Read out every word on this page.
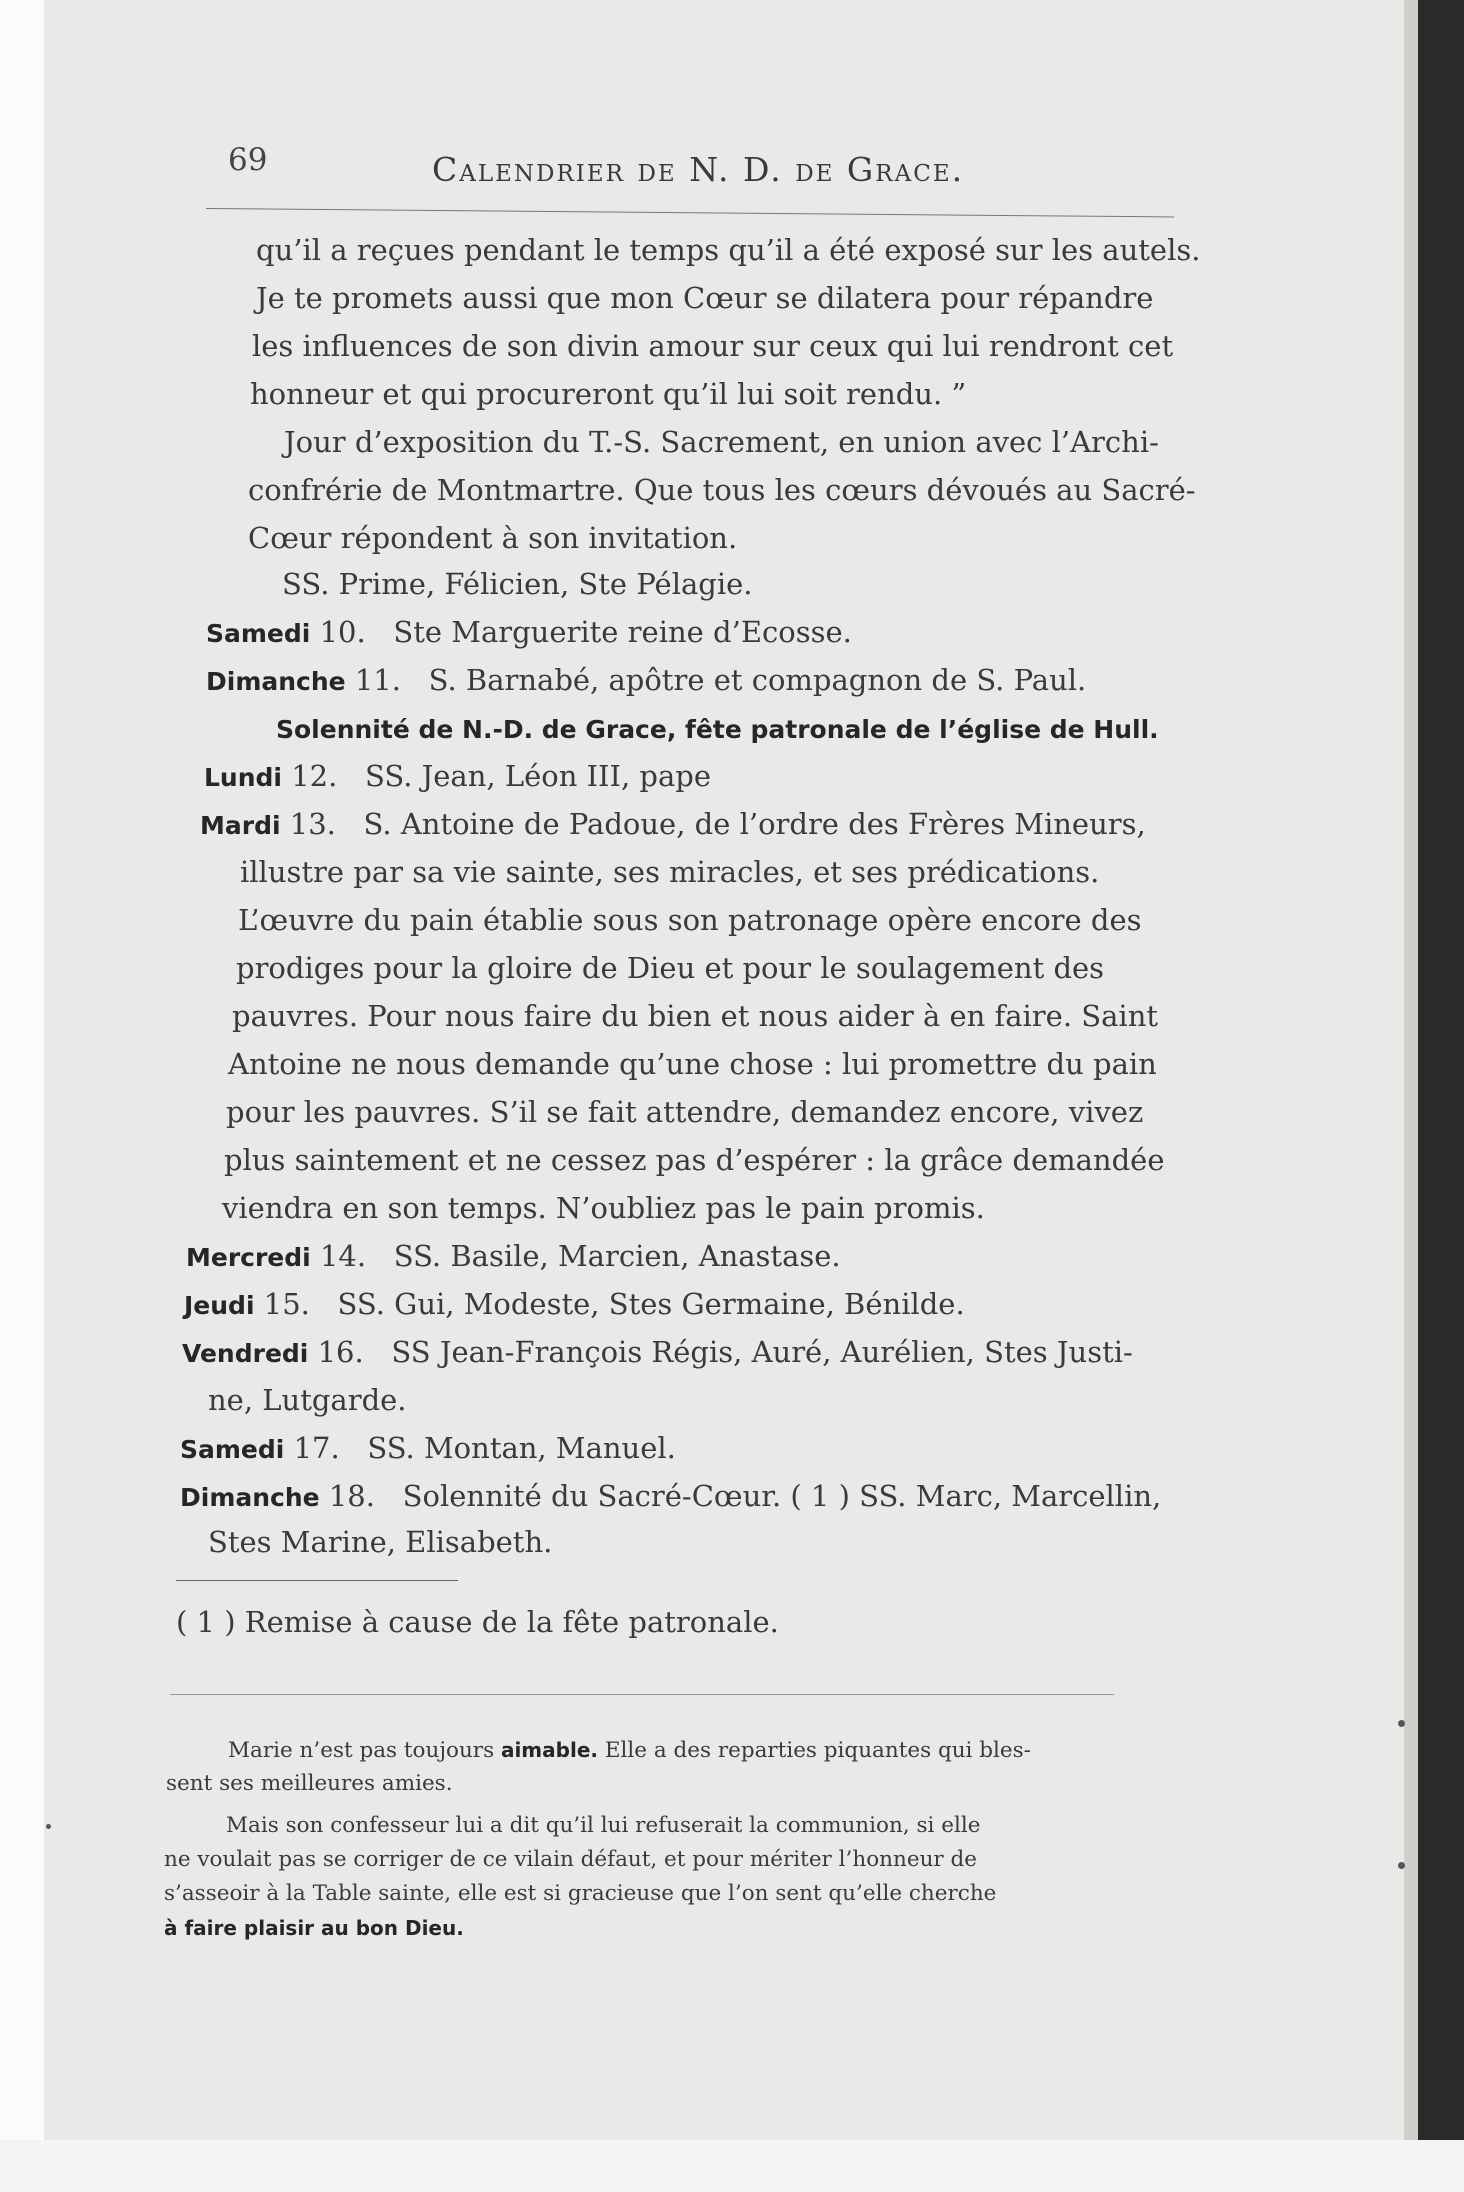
69	Calendrier de N. D. de Grace.
qu’il a reçues pendant le temps qu’il a été exposé sur les autels.
Je te promets aussi que mon Cœur se dilatera pour répandre
les influences de son divin amour sur ceux qui lui rendront cet
honneur et qui procureront qu’il lui soit rendu. ”
Jour d’exposition du T.-S. Sacrement, en union avec l’Archi-
confrérie de Montmartre. Que tous les cœurs dévoués au Sacré-
Cœur répondent à son invitation.
SS. Prime, Félicien, Ste Pélagie.
Samedi 10. Ste Marguerite reine d’Ecosse.
Dimanche 11. S. Barnabé, apôtre et compagnon de S. Paul.
Solennité de N.-D. de Grace, fête patronale de l’église de Hull.
Lundi 12. SS. Jean, Léon III, pape
Mardi 13. S. Antoine de Padoue, de l’ordre des Frères Mineurs,
illustre par sa vie sainte, ses miracles, et ses prédications.
L’œuvre du pain établie sous son patronage opère encore des
prodiges pour la gloire de Dieu et pour le soulagement des
pauvres. Pour nous faire du bien et nous aider à en faire. Saint
Antoine ne nous demande qu’une chose : lui promettre du pain
pour les pauvres. S’il se fait attendre, demandez encore, vivez
plus saintement et ne cessez pas d’espérer : la grâce demandée
viendra en son temps. N’oubliez pas le pain promis.
Mercredi 14. SS. Basile, Marcien, Anastase.
Jeudi 15. SS. Gui, Modeste, Stes Germaine, Bénilde.
Vendredi 16. SS Jean-François Régis, Auré, Aurélien, Stes Justi-
ne, Lutgarde.
Samedi 17. SS. Montan, Manuel.
Dimanche 18. Solennité du Sacré-Cœur. ( 1 ) SS. Marc, Marcellin,
Stes Marine, Elisabeth.
( 1 ) Remise à cause de la fête patronale.
Marie n’est pas toujours aimable. Elle a des reparties piquantes qui bles-
sent ses meilleures amies.
Mais son confesseur lui a dit qu’il lui refuserait la communion, si elle
ne voulait pas se corriger de ce vilain défaut, et pour mériter l’honneur de
s’asseoir à la Table sainte, elle est si gracieuse que l’on sent qu’elle cherche
à faire plaisir au bon Dieu.
